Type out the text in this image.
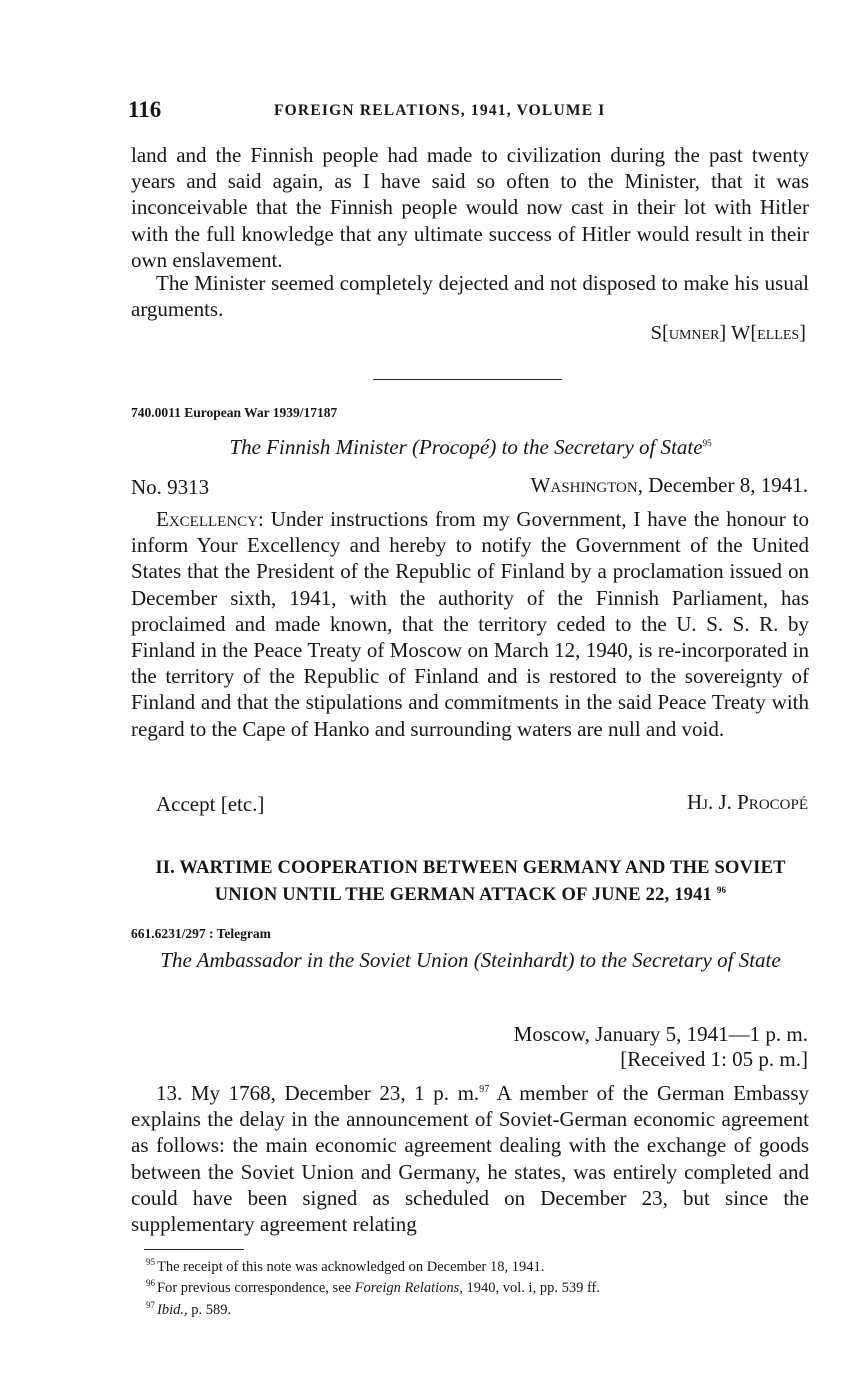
116	FOREIGN RELATIONS, 1941, VOLUME I

land and the Finnish people had made to civilization during the past twenty years and said again, as I have said so often to the Minister, that it was inconceivable that the Finnish people would now cast in their lot with Hitler with the full knowledge that any ultimate success of Hitler would result in their own enslavement.

The Minister seemed completely dejected and not disposed to make his usual arguments.

S[umner] W[elles]
740.0011 European War 1939/17187
The Finnish Minister (Procopé) to the Secretary of State$^{95}$
No. 9313	Washington, December 8, 1941.

Excellency: Under instructions from my Government, I have the honour to inform Your Excellency and hereby to notify the Government of the United States that the President of the Republic of Finland by a proclamation issued on December sixth, 1941, with the authority of the Finnish Parliament, has proclaimed and made known, that the territory ceded to the U. S. S. R. by Finland in the Peace Treaty of Moscow on March 12, 1940, is re-incorporated in the territory of the Republic of Finland and is restored to the sovereignty of Finland and that the stipulations and commitments in the said Peace Treaty with regard to the Cape of Hanko and surrounding waters are null and void.

Accept [etc.]	Hj. J. Procopé
II. WARTIME COOPERATION BETWEEN GERMANY AND THE SOVIET UNION UNTIL THE GERMAN ATTACK OF JUNE 22, 1941 $^{96}$
661.6231/297 : Telegram
The Ambassador in the Soviet Union (Steinhardt) to the Secretary of State
Moscow, January 5, 1941—1 p. m.
[Received 1: 05 p. m.]

13. My 1768, December 23, 1 p. m.$^{97}$ A member of the German Embassy explains the delay in the announcement of Soviet-German economic agreement as follows: the main economic agreement dealing with the exchange of goods between the Soviet Union and Germany, he states, was entirely completed and could have been signed as scheduled on December 23, but since the supplementary agreement relating

$^{95}$ The receipt of this note was acknowledged on December 18, 1941.

$^{96}$ For previous correspondence, see Foreign Relations, 1940, vol. i, pp. 539 ff.

$^{97}$ Ibid., p. 589.
